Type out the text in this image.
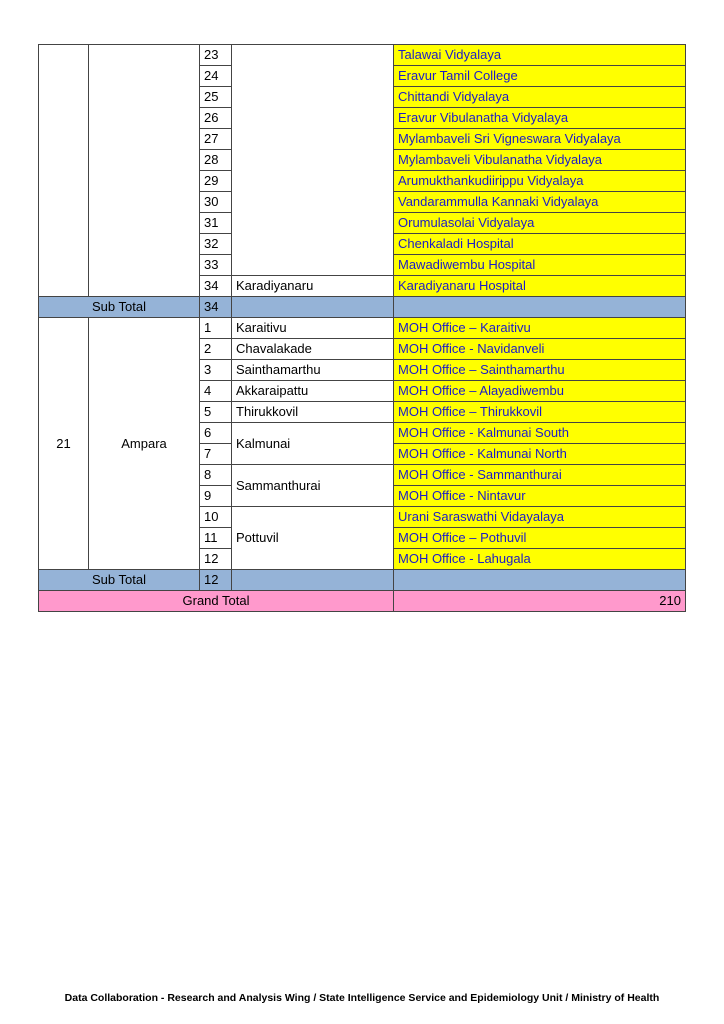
		23		Talawai Vidyalaya
		24		Eravur Tamil College
		25		Chittandi Vidyalaya
		26		Eravur Vibulanatha Vidyalaya
		27		Mylambaveli Sri Vigneswara Vidyalaya
		28		Mylambaveli Vibulanatha Vidyalaya
		29		Arumukthankudiirippu Vidyalaya
		30		Vandarammulla Kannaki Vidyalaya
		31		Orumulasolai Vidyalaya
		32		Chenkaladi Hospital
		33		Mawadiwembu Hospital
		34	Karadiyanaru	Karadiyanaru Hospital
Sub Total		34		
21	Ampara	1	Karaitivu	MOH Office – Karaitivu
		2	Chavalakade	MOH Office - Navidanveli
		3	Sainthamarthu	MOH Office – Sainthamarthu
		4	Akkaraipattu	MOH Office – Alayadiwembu
		5	Thirukkovil	MOH Office – Thirukkovil
		6	Kalmunai	MOH Office - Kalmunai South
		7		MOH Office - Kalmunai North
		8	Sammanthurai	MOH Office - Sammanthurai
		9		MOH Office - Nintavur
		10	Pottuvil	Urani Saraswathi Vidayalaya
		11		MOH Office – Pothuvil
		12		MOH Office - Lahugala
Sub Total		12		
Grand Total				210
Data Collaboration - Research and Analysis Wing / State Intelligence Service and Epidemiology Unit / Ministry of Health
